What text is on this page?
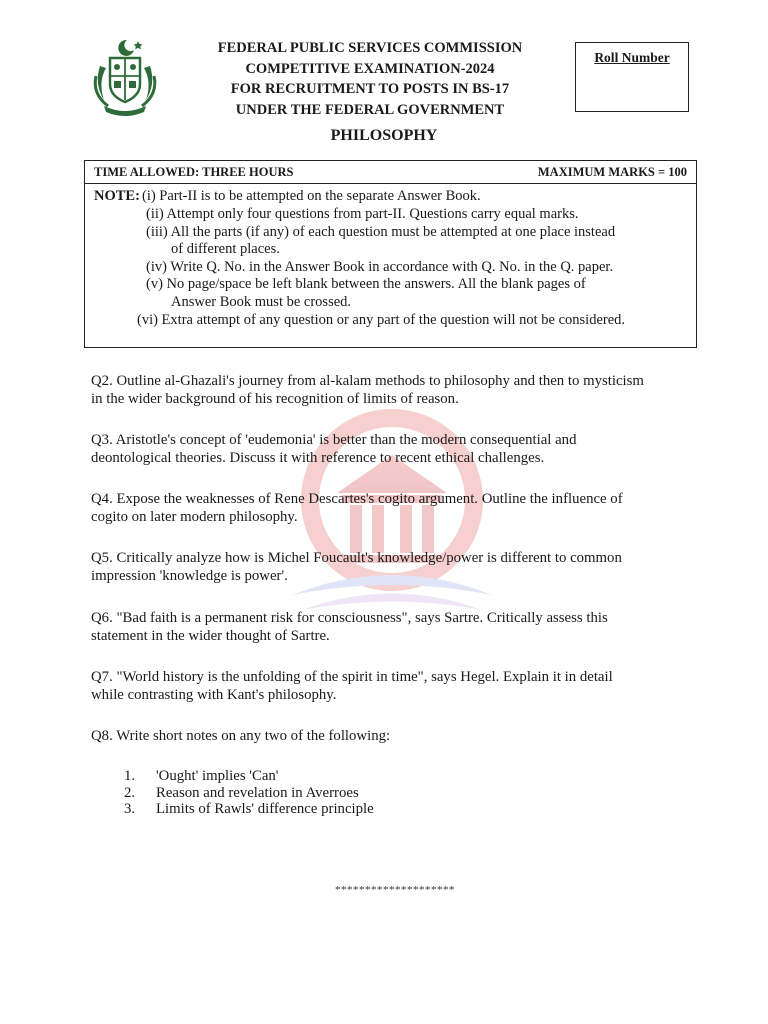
FEDERAL PUBLIC SERVICES COMMISSION
COMPETITIVE EXAMINATION-2024
FOR RECRUITMENT TO POSTS IN BS-17
UNDER THE FEDERAL GOVERNMENT
Roll Number
PHILOSOPHY
TIME ALLOWED: THREE HOURS	MAXIMUM MARKS = 100
NOTE: (i) Part-II is to be attempted on the separate Answer Book.
(ii) Attempt only four questions from part-II. Questions carry equal marks.
(iii) All the parts (if any) of each question must be attempted at one place instead
of different places.
(iv) Write Q. No. in the Answer Book in accordance with Q. No. in the Q. paper.
(v) No page/space be left blank between the answers. All the blank pages of
Answer Book must be crossed.
(vi) Extra attempt of any question or any part of the question will not be considered.
Q2. Outline al-Ghazali's journey from al-kalam methods to philosophy and then to mysticism
in the wider background of his recognition of limits of reason.
Q3. Aristotle's concept of 'eudemonia' is better than the modern consequential and
deontological theories. Discuss it with reference to recent ethical challenges.
Q4. Expose the weaknesses of Rene Descartes's cogito argument. Outline the influence of
cogito on later modern philosophy.
Q5. Critically analyze how is Michel Foucault's knowledge/power is different to common
impression 'knowledge is power'.
Q6. "Bad faith is a permanent risk for consciousness", says Sartre. Critically assess this
statement in the wider thought of Sartre.
Q7. "World history is the unfolding of the spirit in time", says Hegel. Explain it in detail
while contrasting with Kant's philosophy.
Q8. Write short notes on any two of the following:
1.	'Ought' implies 'Can'
2.	Reason and revelation in Averroes
3.	Limits of Rawls' difference principle
********************
